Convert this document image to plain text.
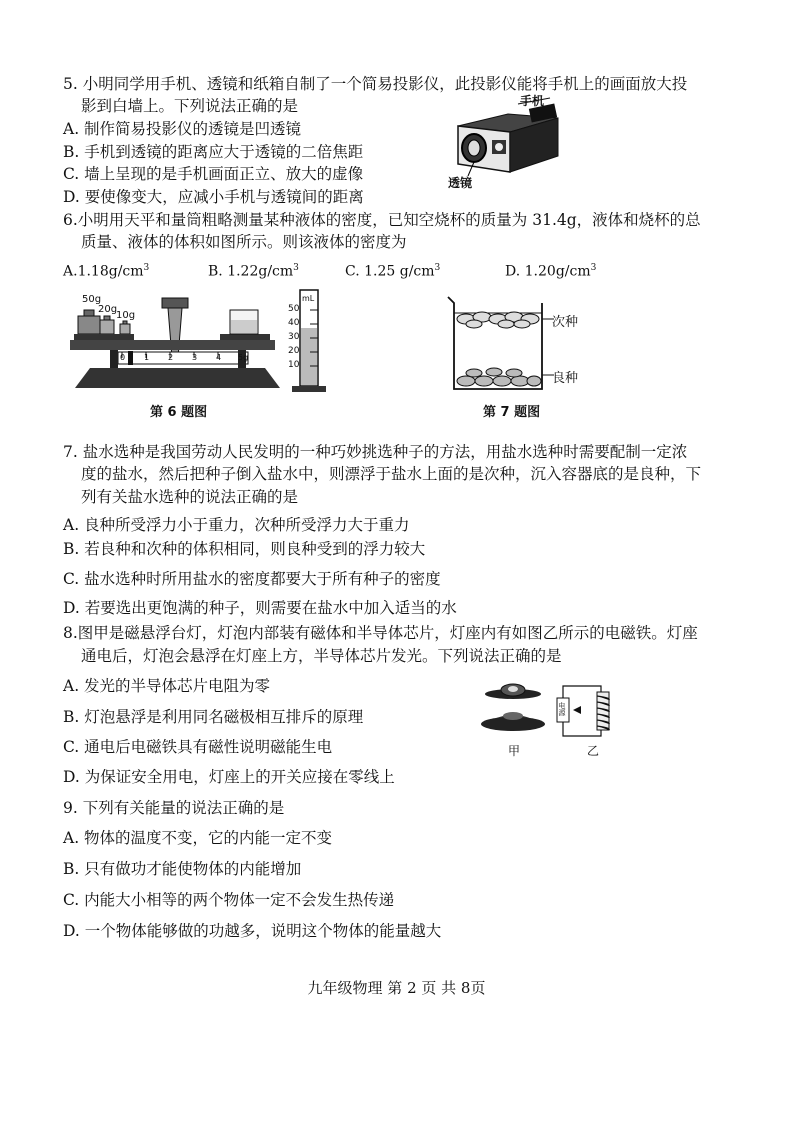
5. 小明同学用手机、透镜和纸箱自制了一个简易投影仪，此投影仪能将手机上的画面放大投
影到白墙上。下列说法正确的是
A. 制作简易投影仪的透镜是凹透镜
B. 手机到透镜的距离应大于透镜的二倍焦距
C. 墙上呈现的是手机画面正立、放大的虚像
D. 要使像变大，应减小手机与透镜间的距离
手机
透镜
6.小明用天平和量筒粗略测量某种液体的密度，已知空烧杯的质量为 31.4g，液体和烧杯的总
质量、液体的体积如图所示。则该液体的密度为
$A.1.18g/cm^3$	B. $1.22g/cm^3$	C. 1.25 $g/cm^3$	D. $1.20g/cm^3$
50g
20g
10g
0 1 2 3 4 5g
mL
50
40
30
20
10
第 6 题图
次种
良种
第 7 题图
7. 盐水选种是我国劳动人民发明的一种巧妙挑选种子的方法，用盐水选种时需要配制一定浓
度的盐水，然后把种子倒入盐水中，则漂浮于盐水上面的是次种，沉入容器底的是良种，下
列有关盐水选种的说法正确的是
A. 良种所受浮力小于重力，次种所受浮力大于重力
B. 若良种和次种的体积相同，则良种受到的浮力较大
C. 盐水选种时所用盐水的密度都要大于所有种子的密度
D. 若要选出更饱满的种子，则需要在盐水中加入适当的水
8.图甲是磁悬浮台灯，灯泡内部装有磁体和半导体芯片，灯座内有如图乙所示的电磁铁。灯座
通电后，灯泡会悬浮在灯座上方，半导体芯片发光。下列说法正确的是
A. 发光的半导体芯片电阻为零
B. 灯泡悬浮是利用同名磁极相互排斥的原理
C. 通电后电磁铁具有磁性说明磁能生电
D. 为保证安全用电，灯座上的开关应接在零线上
甲
电源
乙
9. 下列有关能量的说法正确的是
A. 物体的温度不变，它的内能一定不变
B. 只有做功才能使物体的内能增加
C. 内能大小相等的两个物体一定不会发生热传递
D. 一个物体能够做的功越多，说明这个物体的能量越大
九年级物理 第 2 页 共 8页
